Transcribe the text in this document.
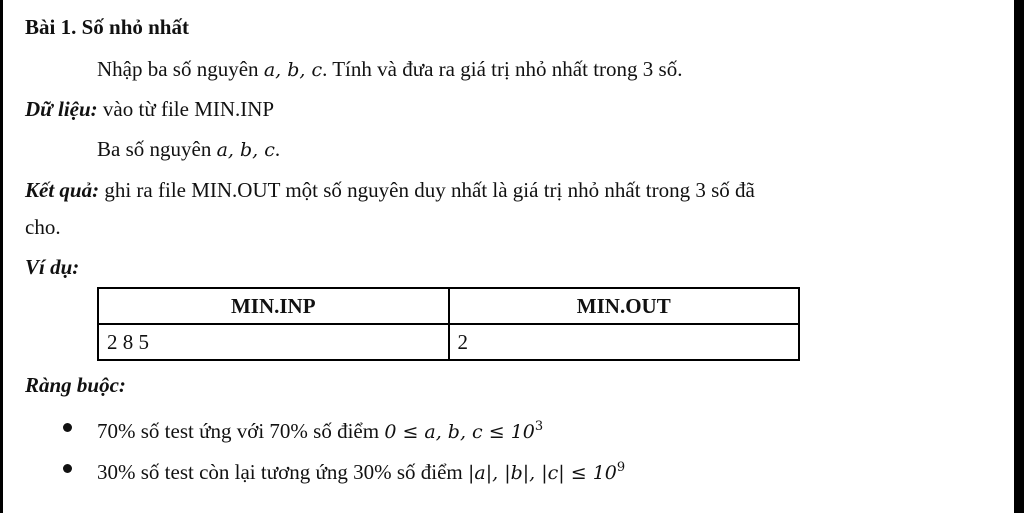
Bài 1. Số nhỏ nhất
Nhập ba số nguyên a, b, c. Tính và đưa ra giá trị nhỏ nhất trong 3 số.
Dữ liệu: vào từ file MIN.INP
Ba số nguyên a, b, c.
Kết quả: ghi ra file MIN.OUT một số nguyên duy nhất là giá trị nhỏ nhất trong 3 số đã
cho.
Ví dụ:
MIN.INP	MIN.OUT
2 8 5	2
Ràng buộc:
70% số test ứng với 70% số điểm 0 ≤ a, b, $c \le 10^3$
30% số test còn lại tương ứng 30% số điểm |a|, |b|, $|c| \le 10^9$
